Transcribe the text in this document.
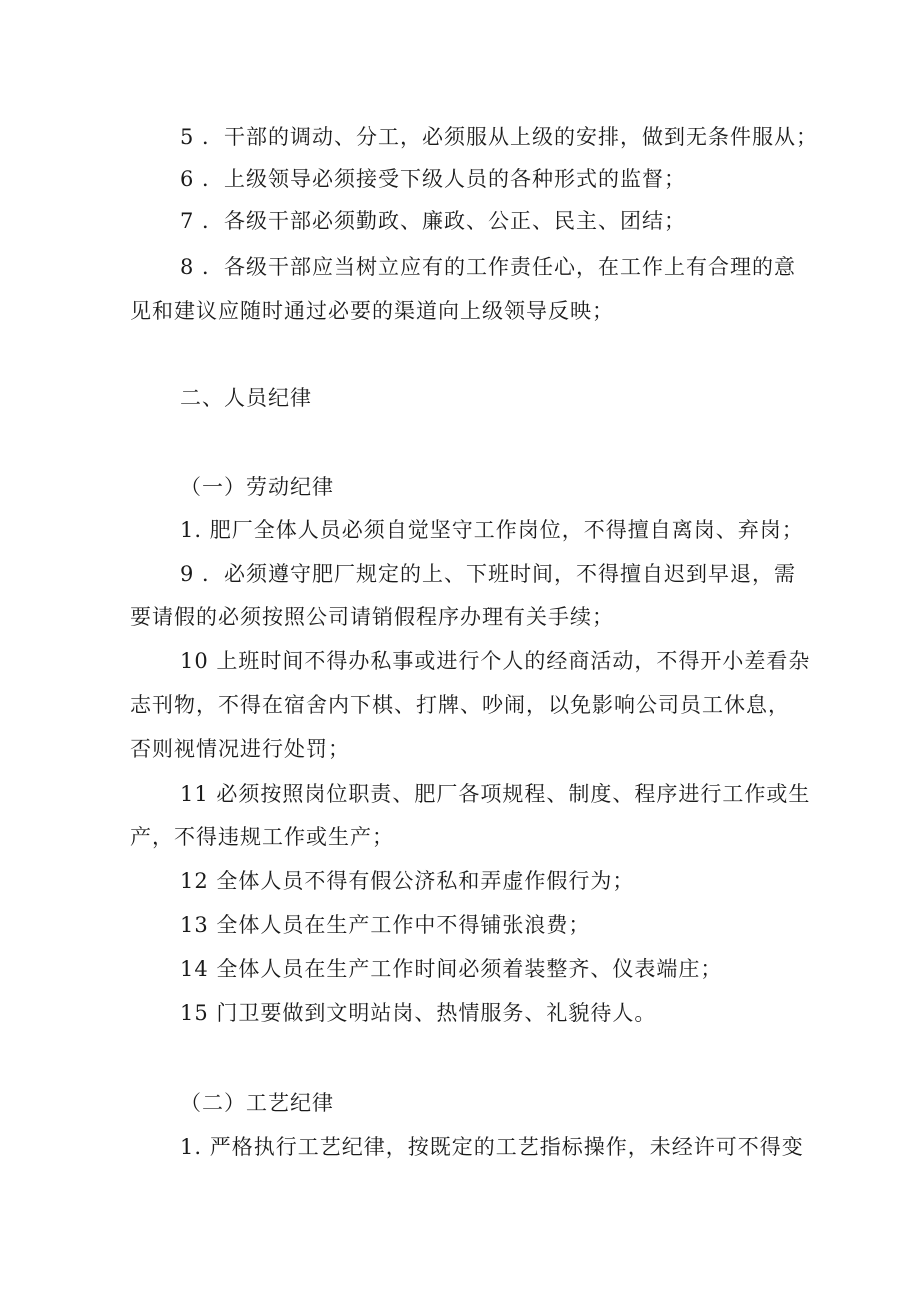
5 ．干部的调动、分工，必须服从上级的安排，做到无条件服从；
6 ．上级领导必须接受下级人员的各种形式的监督；
7 ．各级干部必须勤政、廉政、公正、民主、团结；
8 ．各级干部应当树立应有的工作责任心，在工作上有合理的意
见和建议应随时通过必要的渠道向上级领导反映；
二、人员纪律
（一）劳动纪律
1. 肥厂全体人员必须自觉坚守工作岗位，不得擅自离岗、弃岗；
9 ．必须遵守肥厂规定的上、下班时间，不得擅自迟到早退，需
要请假的必须按照公司请销假程序办理有关手续；
10 上班时间不得办私事或进行个人的经商活动，不得开小差看杂
志刊物，不得在宿舍内下棋、打牌、吵闹，以免影响公司员工休息，
否则视情况进行处罚；
11 必须按照岗位职责、肥厂各项规程、制度、程序进行工作或生
产，不得违规工作或生产；
12 全体人员不得有假公济私和弄虚作假行为；
13 全体人员在生产工作中不得铺张浪费；
14 全体人员在生产工作时间必须着装整齐、仪表端庄；
15 门卫要做到文明站岗、热情服务、礼貌待人。
（二）工艺纪律
1. 严格执行工艺纪律，按既定的工艺指标操作，未经许可不得变
